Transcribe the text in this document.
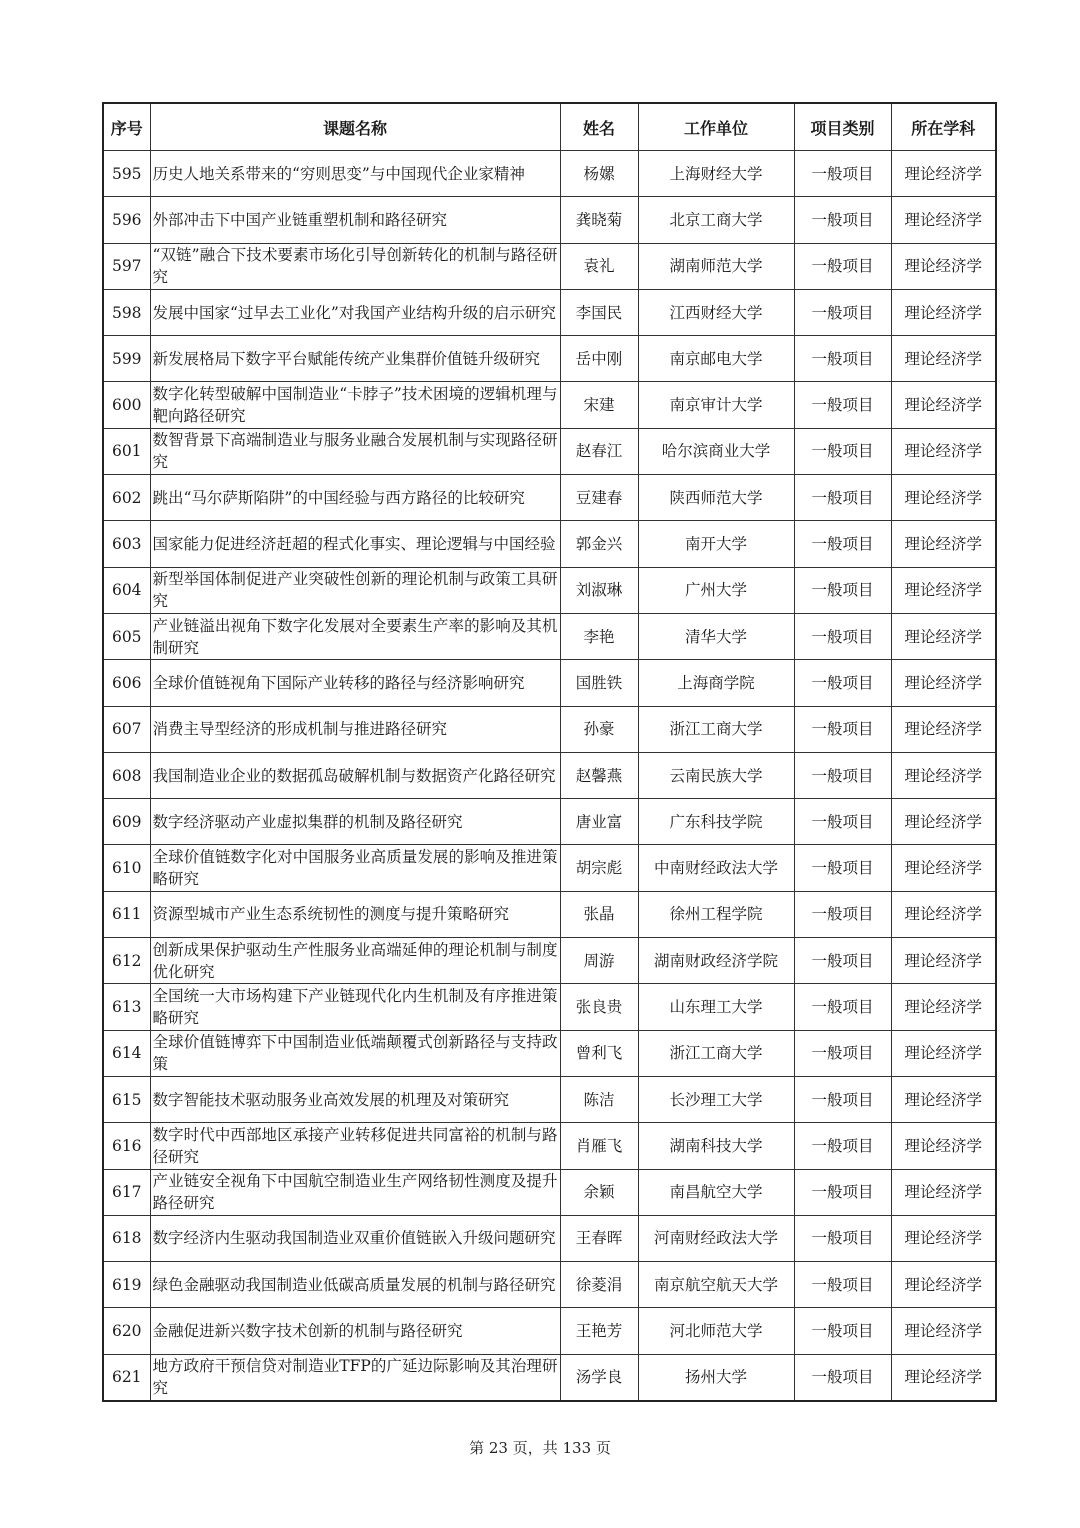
序号	课题名称	姓名	工作单位	项目类别	所在学科
595	历史人地关系带来的“穷则思变”与中国现代企业家精神	杨嫘	上海财经大学	一般项目	理论经济学
596	外部冲击下中国产业链重塑机制和路径研究	龚晓菊	北京工商大学	一般项目	理论经济学
597	“双链”融合下技术要素市场化引导创新转化的机制与路径研究	袁礼	湖南师范大学	一般项目	理论经济学
598	发展中国家“过早去工业化”对我国产业结构升级的启示研究	李国民	江西财经大学	一般项目	理论经济学
599	新发展格局下数字平台赋能传统产业集群价值链升级研究	岳中刚	南京邮电大学	一般项目	理论经济学
600	数字化转型破解中国制造业“卡脖子”技术困境的逻辑机理与靶向路径研究	宋建	南京审计大学	一般项目	理论经济学
601	数智背景下高端制造业与服务业融合发展机制与实现路径研究	赵春江	哈尔滨商业大学	一般项目	理论经济学
602	跳出“马尔萨斯陷阱”的中国经验与西方路径的比较研究	豆建春	陕西师范大学	一般项目	理论经济学
603	国家能力促进经济赶超的程式化事实、理论逻辑与中国经验	郭金兴	南开大学	一般项目	理论经济学
604	新型举国体制促进产业突破性创新的理论机制与政策工具研究	刘淑琳	广州大学	一般项目	理论经济学
605	产业链溢出视角下数字化发展对全要素生产率的影响及其机制研究	李艳	清华大学	一般项目	理论经济学
606	全球价值链视角下国际产业转移的路径与经济影响研究	国胜铁	上海商学院	一般项目	理论经济学
607	消费主导型经济的形成机制与推进路径研究	孙豪	浙江工商大学	一般项目	理论经济学
608	我国制造业企业的数据孤岛破解机制与数据资产化路径研究	赵馨燕	云南民族大学	一般项目	理论经济学
609	数字经济驱动产业虚拟集群的机制及路径研究	唐业富	广东科技学院	一般项目	理论经济学
610	全球价值链数字化对中国服务业高质量发展的影响及推进策略研究	胡宗彪	中南财经政法大学	一般项目	理论经济学
611	资源型城市产业生态系统韧性的测度与提升策略研究	张晶	徐州工程学院	一般项目	理论经济学
612	创新成果保护驱动生产性服务业高端延伸的理论机制与制度优化研究	周游	湖南财政经济学院	一般项目	理论经济学
613	全国统一大市场构建下产业链现代化内生机制及有序推进策略研究	张良贵	山东理工大学	一般项目	理论经济学
614	全球价值链博弈下中国制造业低端颠覆式创新路径与支持政策	曾利飞	浙江工商大学	一般项目	理论经济学
615	数字智能技术驱动服务业高效发展的机理及对策研究	陈洁	长沙理工大学	一般项目	理论经济学
616	数字时代中西部地区承接产业转移促进共同富裕的机制与路径研究	肖雁飞	湖南科技大学	一般项目	理论经济学
617	产业链安全视角下中国航空制造业生产网络韧性测度及提升路径研究	余颖	南昌航空大学	一般项目	理论经济学
618	数字经济内生驱动我国制造业双重价值链嵌入升级问题研究	王春晖	河南财经政法大学	一般项目	理论经济学
619	绿色金融驱动我国制造业低碳高质量发展的机制与路径研究	徐菱涓	南京航空航天大学	一般项目	理论经济学
620	金融促进新兴数字技术创新的机制与路径研究	王艳芳	河北师范大学	一般项目	理论经济学
621	地方政府干预信贷对制造业TFP的广延边际影响及其治理研究	汤学良	扬州大学	一般项目	理论经济学
第 23 页，共 133 页
